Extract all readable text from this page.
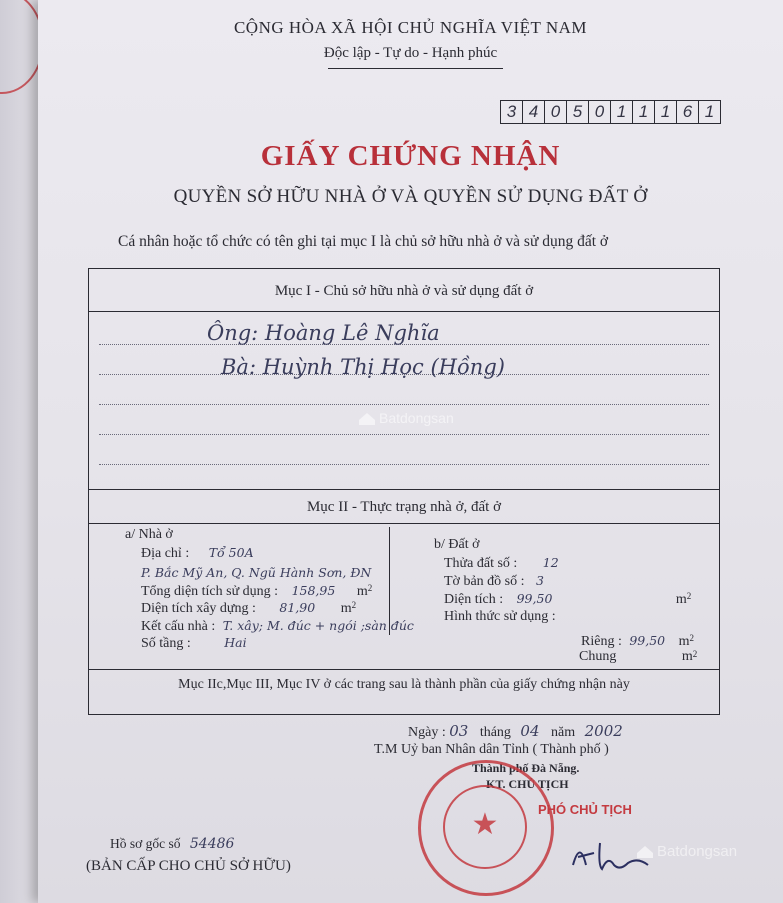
CỘNG HÒA XÃ HỘI CHỦ NGHĨA VIỆT NAM
Độc lập - Tự do - Hạnh phúc
3 4 0 5 0 1 1 1 6 1
GIẤY CHỨNG NHẬN
QUYỀN SỞ HỮU NHÀ Ở VÀ QUYỀN SỬ DỤNG ĐẤT Ở
Cá nhân hoặc tổ chức có tên ghi tại mục I là chủ sở hữu nhà ở và sử dụng đất ở
Mục I - Chủ sở hữu nhà ở và sử dụng đất ở
Ông: Hoàng Lê Nghĩa
Bà: Huỳnh Thị Học (Hồng)
Mục II - Thực trạng nhà ở, đất ở
a/ Nhà ở
Địa chỉ : Tổ 50A
P. Bắc Mỹ An, Q. Ngũ Hành Sơn, ĐN
Tổng diện tích sử dụng : 158,95 $m^2$
Diện tích xây dựng : 81,90 $m^2$
Kết cấu nhà : T. xây; M. đúc + ngói ;sàn đúc
Số tầng :	Hai
b/ Đất ở
Thửa đất số : 12
Tờ bản đồ số : 3
Diện tích : 99,50	$m^2$
Hình thức sử dụng :
Riêng : 99,50 $m^2$
Chung	$m^2$
Mục IIc,Mục III, Mục IV ở các trang sau là thành phần của giấy chứng nhận này
Ngày : 03 tháng 04 năm 2002
T.M Uỷ ban Nhân dân Tỉnh ( Thành phố )
Thành phố Đà Nẵng.
KT. CHỦ TỊCH
PHÓ CHỦ TỊCH
★
Hồ sơ gốc số 54486
(BẢN CẤP CHO CHỦ SỞ HỮU)
Batdongsan
Batdongsan
